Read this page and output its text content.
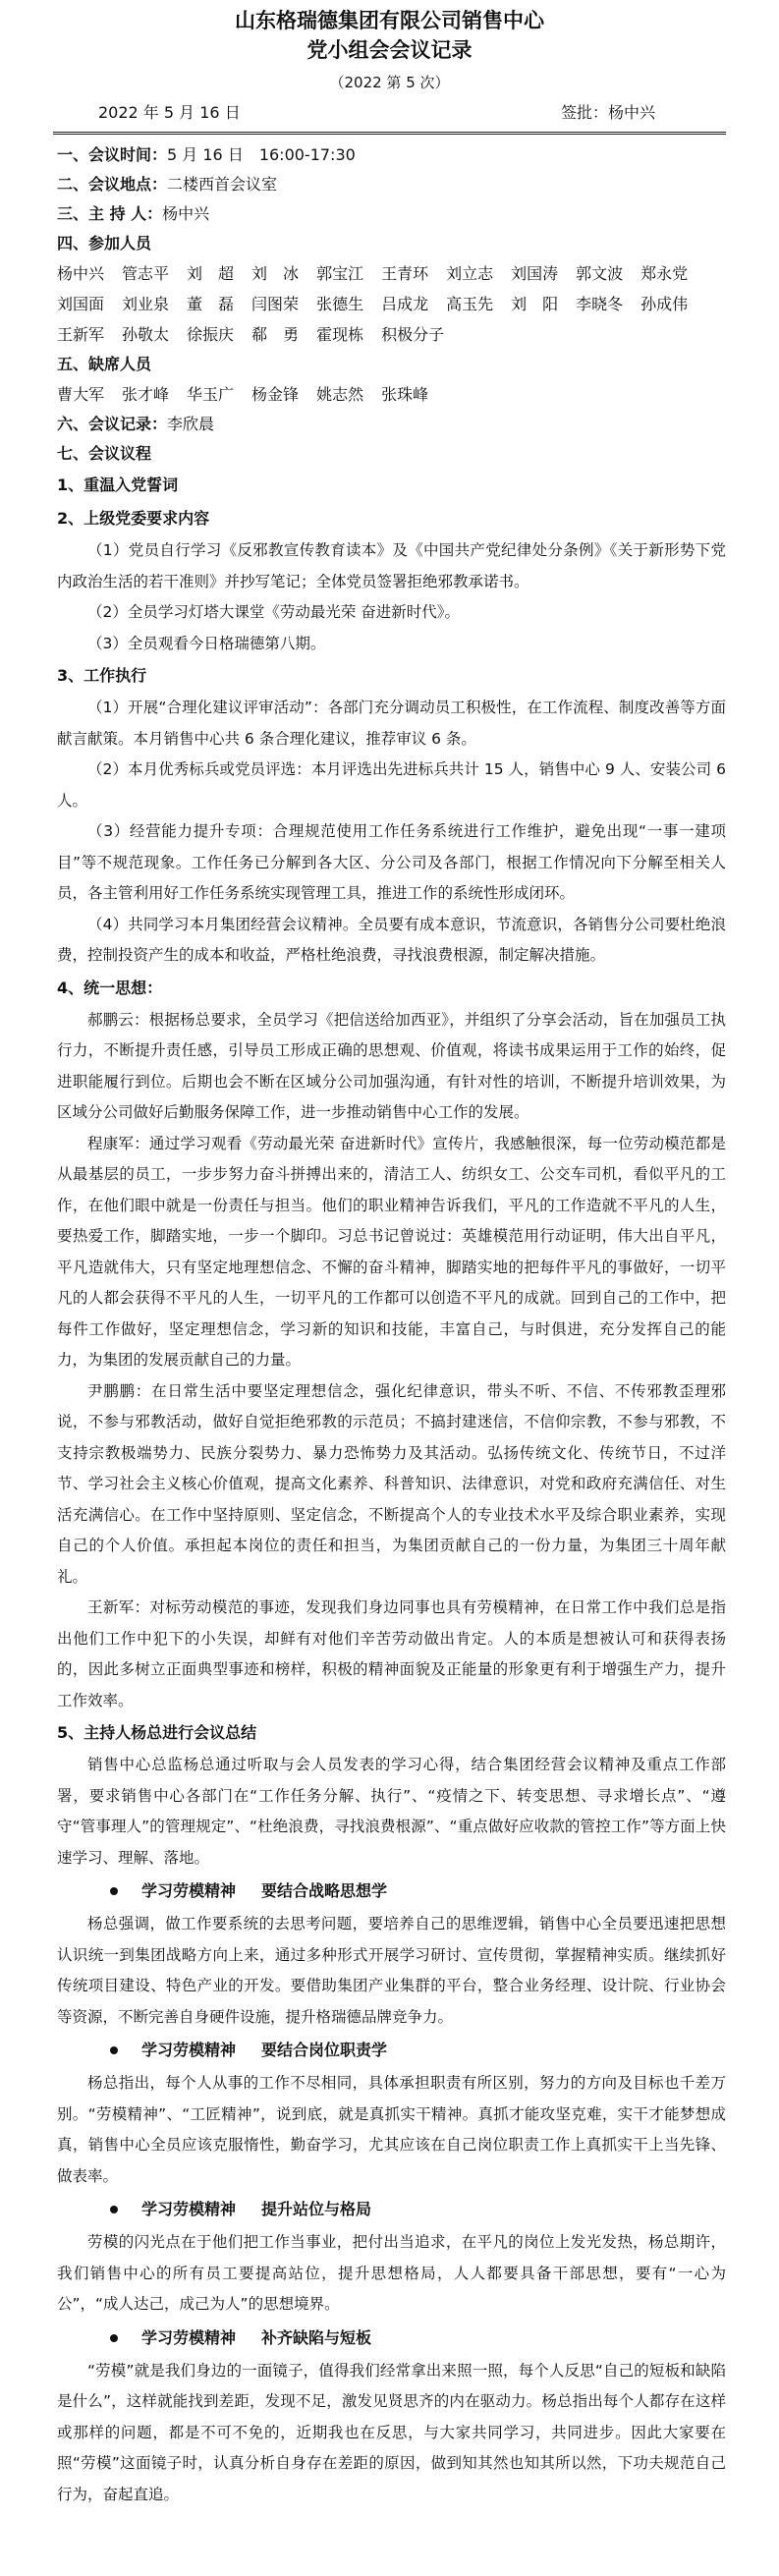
山东格瑞德集团有限公司销售中心
党小组会会议记录
（2022 第 5 次）
2022 年 5 月 16 日	签批：杨中兴
一、会议时间：5 月 16 日　16:00-17:30
二、会议地点：二楼西首会议室
三、主 持 人：杨中兴
四、参加人员
杨中兴 管志平 刘　超 刘　冰 郭宝江 王青环 刘立志 刘国涛 郭文波 郑永党
刘国面 刘业泉 董　磊 闫图荣 张德生 吕成龙 高玉先 刘　阳 李晓冬 孙成伟
王新军 孙敬太 徐振庆 郗　勇 霍现栋 积极分子
五、缺席人员
曹大军 张才峰 华玉广 杨金锋 姚志然 张珠峰
六、会议记录：李欣晨
七、会议议程
1、重温入党誓词
2、上级党委要求内容

（1）党员自行学习《反邪教宣传教育读本》及《中国共产党纪律处分条例》《关于新形势下党内政治生活的若干准则》并抄写笔记；全体党员签署拒绝邪教承诺书。

（2）全员学习灯塔大课堂《劳动最光荣 奋进新时代》。

（3）全员观看今日格瑞德第八期。

3、工作执行

（1）开展“合理化建议评审活动”：各部门充分调动员工积极性，在工作流程、制度改善等方面献言献策。本月销售中心共 6 条合理化建议，推荐审议 6 条。

（2）本月优秀标兵或党员评选：本月评选出先进标兵共计 15 人，销售中心 9 人、安装公司 6 人。

（3）经营能力提升专项：合理规范使用工作任务系统进行工作维护，避免出现“一事一建项目”等不规范现象。工作任务已分解到各大区、分公司及各部门，根据工作情况向下分解至相关人员，各主管利用好工作任务系统实现管理工具，推进工作的系统性形成闭环。

（4）共同学习本月集团经营会议精神。全员要有成本意识，节流意识，各销售分公司要杜绝浪费，控制投资产生的成本和收益，严格杜绝浪费，寻找浪费根源，制定解决措施。

4、统一思想：

郝鹏云：根据杨总要求，全员学习《把信送给加西亚》，并组织了分享会活动，旨在加强员工执行力，不断提升责任感，引导员工形成正确的思想观、价值观，将读书成果运用于工作的始终，促进职能履行到位。后期也会不断在区域分公司加强沟通，有针对性的培训，不断提升培训效果，为区域分公司做好后勤服务保障工作，进一步推动销售中心工作的发展。

程康军：通过学习观看《劳动最光荣 奋进新时代》宣传片，我感触很深，每一位劳动模范都是从最基层的员工，一步步努力奋斗拼搏出来的，清洁工人、纺织女工、公交车司机，看似平凡的工作，在他们眼中就是一份责任与担当。他们的职业精神告诉我们，平凡的工作造就不平凡的人生，要热爱工作，脚踏实地，一步一个脚印。习总书记曾说过：英雄模范用行动证明，伟大出自平凡，平凡造就伟大，只有坚定地理想信念、不懈的奋斗精神，脚踏实地的把每件平凡的事做好，一切平凡的人都会获得不平凡的人生，一切平凡的工作都可以创造不平凡的成就。回到自己的工作中，把每件工作做好，坚定理想信念，学习新的知识和技能，丰富自己，与时俱进，充分发挥自己的能力，为集团的发展贡献自己的力量。

尹鹏鹏：在日常生活中要坚定理想信念，强化纪律意识，带头不听、不信、不传邪教歪理邪说，不参与邪教活动，做好自觉拒绝邪教的示范员；不搞封建迷信，不信仰宗教，不参与邪教，不支持宗教极端势力、民族分裂势力、暴力恐怖势力及其活动。弘扬传统文化、传统节日，不过洋节、学习社会主义核心价值观，提高文化素养、科普知识、法律意识，对党和政府充满信任、对生活充满信心。在工作中坚持原则、坚定信念，不断提高个人的专业技术水平及综合职业素养，实现自己的个人价值。承担起本岗位的责任和担当，为集团贡献自己的一份力量，为集团三十周年献礼。

王新军：对标劳动模范的事迹，发现我们身边同事也具有劳模精神，在日常工作中我们总是指出他们工作中犯下的小失误，却鲜有对他们辛苦劳动做出肯定。人的本质是想被认可和获得表扬的，因此多树立正面典型事迹和榜样，积极的精神面貌及正能量的形象更有利于增强生产力，提升工作效率。

5、主持人杨总进行会议总结

销售中心总监杨总通过听取与会人员发表的学习心得，结合集团经营会议精神及重点工作部署，要求销售中心各部门在“工作任务分解、执行”、“疫情之下、转变思想、寻求增长点”、“遵守“管事理人”的管理规定”、“杜绝浪费，寻找浪费根源”、“重点做好应收款的管控工作”等方面上快速学习、理解、落地。

学习劳模精神 要结合战略思想学

杨总强调，做工作要系统的去思考问题，要培养自己的思维逻辑，销售中心全员要迅速把思想认识统一到集团战略方向上来，通过多种形式开展学习研讨、宣传贯彻，掌握精神实质。继续抓好传统项目建设、特色产业的开发。要借助集团产业集群的平台，整合业务经理、设计院、行业协会等资源，不断完善自身硬件设施，提升格瑞德品牌竞争力。

学习劳模精神 要结合岗位职责学

杨总指出，每个人从事的工作不尽相同，具体承担职责有所区别，努力的方向及目标也千差万别。“劳模精神”、“工匠精神”，说到底，就是真抓实干精神。真抓才能攻坚克难，实干才能梦想成真，销售中心全员应该克服惰性，勤奋学习，尤其应该在自己岗位职责工作上真抓实干上当先锋、做表率。

学习劳模精神 提升站位与格局

劳模的闪光点在于他们把工作当事业，把付出当追求，在平凡的岗位上发光发热，杨总期许，我们销售中心的所有员工要提高站位，提升思想格局，人人都要具备干部思想，要有“一心为公”，“成人达己，成己为人”的思想境界。

学习劳模精神 补齐缺陷与短板

“劳模”就是我们身边的一面镜子，值得我们经常拿出来照一照，每个人反思“自己的短板和缺陷是什么”，这样就能找到差距，发现不足，激发见贤思齐的内在驱动力。杨总指出每个人都存在这样或那样的问题，都是不可不免的，近期我也在反思，与大家共同学习，共同进步。因此大家要在照“劳模”这面镜子时，认真分析自身存在差距的原因，做到知其然也知其所以然，下功夫规范自己行为，奋起直追。
